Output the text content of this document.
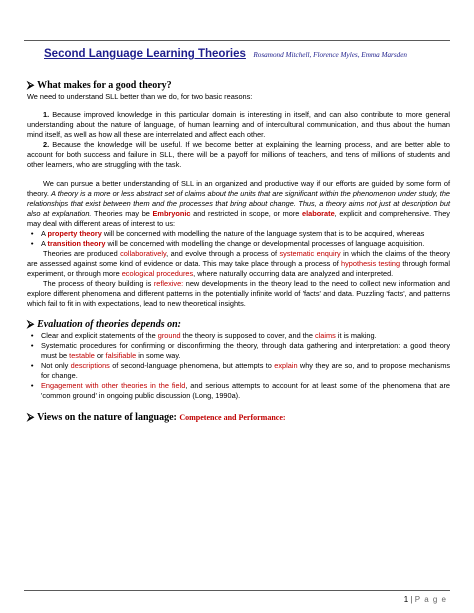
Second Language Learning Theories Rosamond Mitchell, Florence Myles, Emma Marsden
⮚ What makes for a good theory?

We need to understand SLL better than we do, for two basic reasons:

1. Because improved knowledge in this particular domain is interesting in itself, and can also contribute to more general understanding about the nature of language, of human learning and of intercultural communication, and thus about the human mind itself, as well as how all these are interrelated and affect each other.

2. Because the knowledge will be useful. If we become better at explaining the learning process, and are better able to account for both success and failure in SLL, there will be a payoff for millions of teachers, and tens of millions of students and other learners, who are struggling with the task.

We can pursue a better understanding of SLL in an organized and productive way if our efforts are guided by some form of theory. A theory is a more or less abstract set of claims about the units that are significant within the phenomenon under study, the relationships that exist between them and the processes that bring about change. Thus, a theory aims not just at description but also at explanation. Theories may be Embryonic and restricted in scope, or more elaborate, explicit and comprehensive. They may deal with different areas of interest to us:

• A property theory will be concerned with modelling the nature of the language system that is to be acquired, whereas
• A transition theory will be concerned with modelling the change or developmental processes of language acquisition.

Theories are produced collaboratively, and evolve through a process of systematic enquiry in which the claims of the theory are assessed against some kind of evidence or data. This may take place through a process of hypothesis testing through formal experiment, or through more ecological procedures, where naturally occurring data are analyzed and interpreted.

The process of theory building is reflexive: new developments in the theory lead to the need to collect new information and explore different phenomena and different patterns in the potentially infinite world of 'facts' and data. Puzzling 'facts', and patterns which fail to fit in with expectations, lead to new theoretical insights.

⮚ Evaluation of theories depends on:
• Clear and explicit statements of the ground the theory is supposed to cover, and the claims it is making.
• Systematic procedures for confirming or disconfirming the theory, through data gathering and interpretation: a good theory must be testable or falsifiable in some way.
• Not only descriptions of second-language phenomena, but attempts to explain why they are so, and to propose mechanisms for change.
• Engagement with other theories in the field, and serious attempts to account for at least some of the phenomena that are 'common ground' in ongoing public discussion (Long, 1990a).
⮚ Views on the nature of language: Competence and Performance:
1 | P a g e
